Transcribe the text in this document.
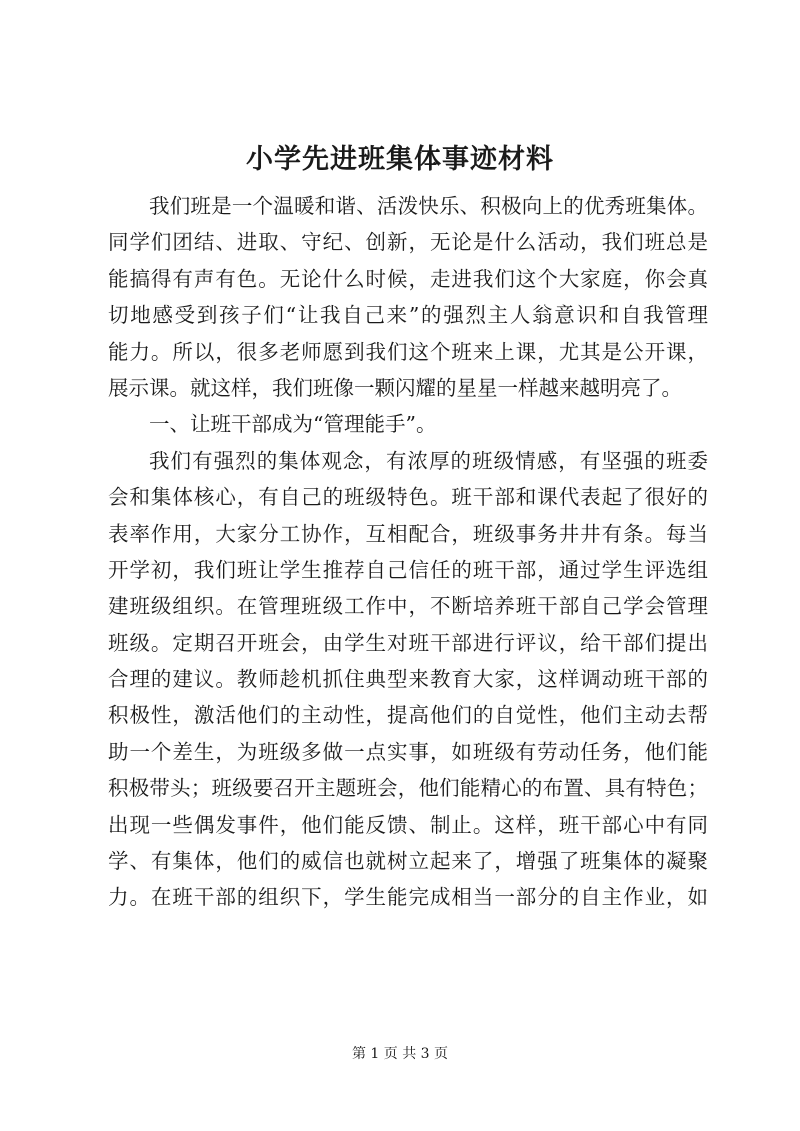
小学先进班集体事迹材料
我们班是一个温暖和谐、活泼快乐、积极向上的优秀班集体。
同学们团结、进取、守纪、创新，无论是什么活动，我们班总是
能搞得有声有色。无论什么时候，走进我们这个大家庭，你会真
切地感受到孩子们“让我自己来”的强烈主人翁意识和自我管理
能力。所以，很多老师愿到我们这个班来上课，尤其是公开课，
展示课。就这样，我们班像一颗闪耀的星星一样越来越明亮了。
一、让班干部成为“管理能手”。
我们有强烈的集体观念，有浓厚的班级情感，有坚强的班委
会和集体核心，有自己的班级特色。班干部和课代表起了很好的
表率作用，大家分工协作，互相配合，班级事务井井有条。每当
开学初，我们班让学生推荐自己信任的班干部，通过学生评选组
建班级组织。在管理班级工作中，不断培养班干部自己学会管理
班级。定期召开班会，由学生对班干部进行评议，给干部们提出
合理的建议。教师趁机抓住典型来教育大家，这样调动班干部的
积极性，激活他们的主动性，提高他们的自觉性，他们主动去帮
助一个差生，为班级多做一点实事，如班级有劳动任务，他们能
积极带头；班级要召开主题班会，他们能精心的布置、具有特色；
出现一些偶发事件，他们能反馈、制止。这样，班干部心中有同
学、有集体，他们的威信也就树立起来了，增强了班集体的凝聚
力。在班干部的组织下，学生能完成相当一部分的自主作业，如
第 1 页 共 3 页
